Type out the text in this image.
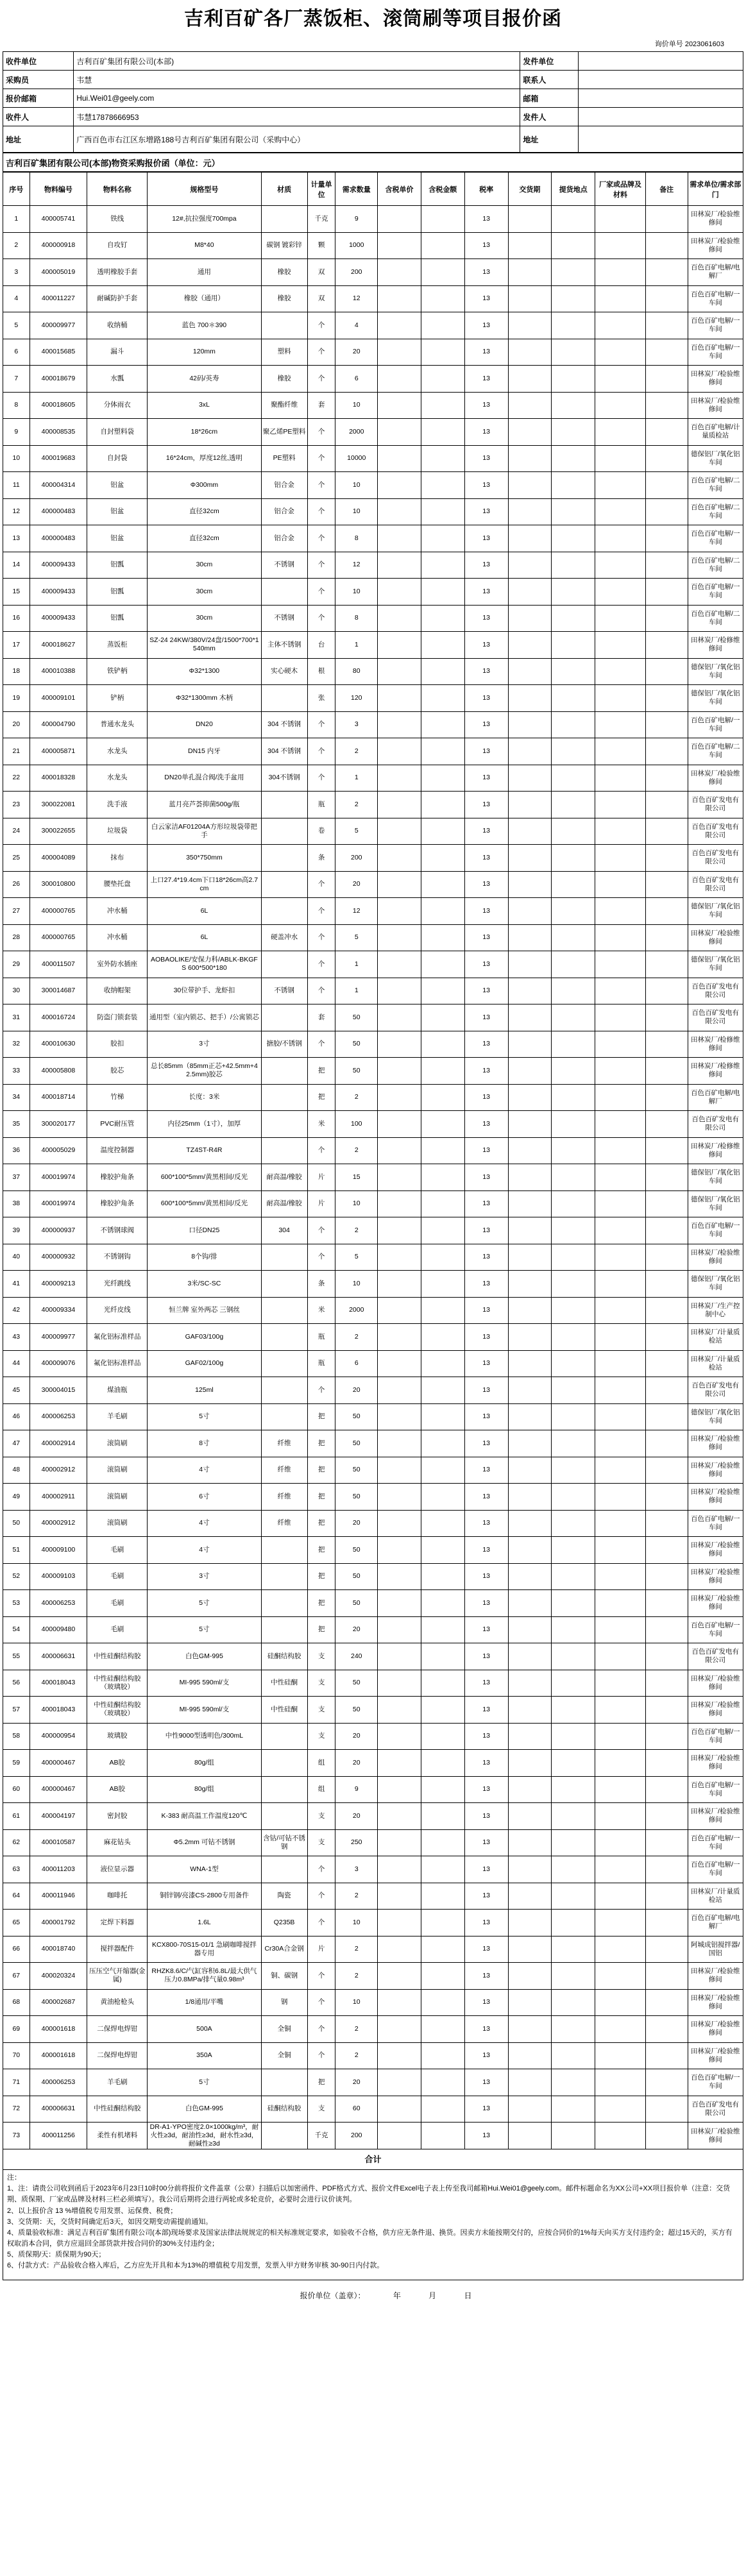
吉利百矿各厂蒸饭柜、滚筒刷等项目报价函
询价单号 2023061603
收件单位	吉利百矿集团有限公司(本部)	发件单位	
采购员	韦慧	联系人	
报价邮箱	Hui.Wei01@geely.com	邮箱	
收件人	韦慧17878666953	发件人	
地址	广西百色市右江区东增路188号吉利百矿集团有限公司（采购中心）	地址	
吉利百矿集团有限公司(本部)物资采购报价函（单位：元）
序号	物料编号	物料名称	规格型号	材质	计量单位	需求数量	含税单价	含税金额	税率	交货期	提货地点	厂家或品牌及材料	备注	需求单位/需求部门
1	400005741	铁线	12#,抗拉强度700mpa		千克	9			13					田林炭厂/检验维修间
2	400000918	自攻钉	M8*40	碳钢 镀彩锌	颗	1000			13					田林炭厂/检验维修间
3	400005019	透明橡胶手套	通用	橡胶	双	200			13					百色百矿电解/电解厂
4	400011227	耐碱防护手套	橡胶（通用）	橡胶	双	12			13					百色百矿电解/一车间
5	400009977	收纳桶	蓝色 700＊390		个	4			13					百色百矿电解/一车间
6	400015685	漏斗	120mm	塑料	个	20			13					百色百矿电解/一车间
7	400018679	水瓢	42码/英寿	橡胶	个	6			13					田林炭厂/检验维修间
8	400018605	分体雨衣	3xL	聚酯纤维	套	10			13					田林炭厂/检验维修间
9	400008535	自封塑料袋	18*26cm	聚乙烯PE塑料	个	2000			13					百色百矿电解/计量质检站
10	400019683	自封袋	16*24cm，厚度12丝,透明	PE塑料	个	10000			13					德保铝厂/氧化铝车间
11	400004314	铝盆	Φ300mm	铝合金	个	10			13					百色百矿电解/二车间
12	400000483	铝盆	直径32cm	铝合金	个	10			13					百色百矿电解/二车间
13	400000483	铝盆	直径32cm	铝合金	个	8			13					百色百矿电解/一车间
14	400009433	铝瓢	30cm	不锈钢	个	12			13					百色百矿电解/二车间
15	400009433	铝瓢	30cm		个	10			13					百色百矿电解/一车间
16	400009433	铝瓢	30cm	不锈钢	个	8			13					百色百矿电解/二车间
17	400018627	蒸饭柜	SZ-24 24KW/380V/24盘/1500*700*1540mm	主体不锈钢	台	1			13					田林炭厂/检修维修间
18	400010388	铁铲柄	Φ32*1300	实心硬木	根	80			13					德保铝厂/氧化铝车间
19	400009101	铲柄	Φ32*1300mm 木柄		张	120			13					德保铝厂/氧化铝车间
20	400004790	普通水龙头	DN20	304 不锈钢	个	3			13					百色百矿电解/一车间
21	400005871	水龙头	DN15 内牙	304 不锈钢	个	2			13					百色百矿电解/二车间
22	400018328	水龙头	DN20单孔混合阀/洗手盆用	304不锈钢	个	1			13					田林炭厂/检验维修间
23	300022081	洗手液	蓝月亮芦荟抑菌500g/瓶		瓶	2			13					百色百矿发电有限公司
24	300022655	垃圾袋	白云家洁AF01204A方形垃圾袋带把手		卷	5			13					百色百矿发电有限公司
25	400004089	抹布	350*750mm		条	200			13					百色百矿发电有限公司
26	300010800	腰垫托盘	上口27.4*19.4cm下口18*26cm高2.7cm		个	20			13					百色百矿发电有限公司
27	400000765	冲水桶	6L		个	12			13					德保铝厂/氧化铝车间
28	400000765	冲水桶	6L	硬盖冲水	个	5			13					田林炭厂/检验维修间
29	400011507	室外防水插座	AOBAOLIKE/安保力科/ABLK-BKGFS 600*500*180		个	1			13					德保铝厂/氧化铝车间
30	300014687	收纳帽架	30位带护手、龙虾扣	不锈钢	个	1			13					百色百矿发电有限公司
31	400016724	防盗门锁套装	通用型（室内锁芯、把手）/公寓锁芯		套	50			13					百色百矿发电有限公司
32	400010630	胶扣	3寸	搪胶/不锈钢	个	50			13					田林炭厂/检修维修间
33	400005808	胶芯	总长85mm（85mm正芯+42.5mm+42.5mm)胶芯		把	50			13					田林炭厂/检修维修间
34	400018714	竹梯	长度：3米		把	2			13					百色百矿电解/电解厂
35	300020177	PVC耐压管	内径25mm（1寸），加厚		米	100			13					百色百矿发电有限公司
36	400005029	温度控制器	TZ4ST-R4R		个	2			13					田林炭厂/检修维修间
37	400019974	橡胶护角条	600*100*5mm/黄黑相间/反光	耐高温/橡胶	片	15			13					德保铝厂/氧化铝车间
38	400019974	橡胶护角条	600*100*5mm/黄黑相间/反光	耐高温/橡胶	片	10			13					德保铝厂/氧化铝车间
39	400000937	不锈钢球阀	口径DN25	304	个	2			13					百色百矿电解/一车间
40	400000932	不锈钢钩	8个钩/排		个	5			13					田林炭厂/检验维修间
41	400009213	光纤跳线	3米/SC-SC		条	10			13					德保铝厂/氧化铝车间
42	400009334	光纤皮线	恒兰牌 室外两芯 三钢丝		米	2000			13					田林炭厂/生产控制中心
43	400009977	氟化铝标准样品	GAF03/100g		瓶	2			13					田林炭厂/计量质检站
44	400009076	氟化铝标准样品	GAF02/100g		瓶	6			13					田林炭厂/计量质检站
45	300004015	煤油瓶	125ml		个	20			13					百色百矿发电有限公司
46	400006253	羊毛刷	5寸		把	50			13					德保铝厂/氧化铝车间
47	400002914	滚筒刷	8寸	纤维	把	50			13					田林炭厂/检验维修间
48	400002912	滚筒刷	4寸	纤维	把	50			13					田林炭厂/检验维修间
49	400002911	滚筒刷	6寸	纤维	把	50			13					田林炭厂/检验维修间
50	400002912	滚筒刷	4寸	纤维	把	20			13					百色百矿电解/一车间
51	400009100	毛刷	4寸		把	50			13					田林炭厂/检验维修间
52	400009103	毛刷	3寸		把	50			13					田林炭厂/检验维修间
53	400006253	毛刷	5寸		把	50			13					田林炭厂/检验维修间
54	400009480	毛刷	5寸		把	20			13					百色百矿电解/一车间
55	400006631	中性硅酮结构胶	白色GM-995	硅酮结构胶	支	240			13					百色百矿发电有限公司
56	400018043	中性硅酮结构胶（玻璃胶）	MI-995 590ml/支	中性硅酮	支	50			13					田林炭厂/检验维修间
57	400018043	中性硅酮结构胶（玻璃胶）	MI-995 590ml/支	中性硅酮	支	50			13					田林炭厂/检验维修间
58	400000954	玻璃胶	中性9000型透明色/300mL		支	20			13					百色百矿电解/一车间
59	400000467	AB胶	80g/组		组	20			13					田林炭厂/检验维修间
60	400000467	AB胶	80g/组		组	9			13					百色百矿电解/一车间
61	400004197	密封胶	K-383 耐高温工作温度120℃		支	20			13					田林炭厂/检验维修间
62	400010587	麻花钻头	Φ5.2mm 可钻不锈钢	含钴/可钻不锈钢	支	250			13					百色百矿电解/一车间
63	400011203	液位显示器	WNA-1型		个	3			13					百色百矿电解/一车间
64	400011946	咖啡托	铜锌钢/亮漆CS-2800专用备件	陶瓷	个	2			13					田林炭厂/计量质检站
65	400001792	定焊下料器	1.6L	Q235B	个	10			13					百色百矿电解/电解厂
66	400018740	搅拌器配件	KCX800-70S15-01/1 急刷咖啡搅拌器专用	Cr30A合金钢	片	2			13					阿城成铝搅拌器/国铝
67	400020324	压压空气开缩器(金属)	RHZK8.6/C/气缸容积6.8L/最大供气压力0.8MPa/排气量0.98m³	铜、碳钢	个	2			13					田林炭厂/检验维修间
68	400002687	黄油枪枪头	1/8通用/平嘴	钢	个	10			13					田林炭厂/检验维修间
69	400001618	二保焊电焊钳	500A	全铜	个	2			13					田林炭厂/检验维修间
70	400001618	二保焊电焊钳	350A	全铜	个	2			13					田林炭厂/检验维修间
71	400006253	羊毛刷	5寸		把	20			13					百色百矿电解/一车间
72	400006631	中性硅酮结构胶	白色GM-995	硅酮结构胶	支	60			13					百色百矿发电有限公司
73	400011256	柔性有机堵料	DR-A1-YPO密度2.0×1000kg/m³，耐火性≥3d，耐油性≥3d，耐水性≥3d，耐碱性≥3d		千克	200			13					田林炭厂/检验维修间
合计														

注：

1、注：请贵公司收到函后于2023年6月23日10时00分前将报价文件盖章（公章）扫描后以加密函件、PDF格式方式、报价文件Excel电子表上传至我司邮箱Hui.Wei01@geely.com。邮件标题命名为XX公司+XX项目报价单（注意：交货期、质保期、厂家或品牌及材料三栏必须填写）。我公司后期将会进行两轮或多轮竞价，必要时会进行议价谈判。

2、以上报价含 13 %增值税专用发票、运保费、税费；

3、交货期：天，交货时间确定后3天，如因交期变动需提前通知。

4、质量验收标准：满足吉利百矿集团有限公司(本部)现场要求及国家法律法规规定的相关标准规定要求，如验收不合格，供方应无条件退、换货。因卖方未能按期交付的，应按合同价的1%每天向买方支付违约金；超过15天的，买方有权取消本合同，供方应退回全部货款并按合同价的30%支付违约金；

5、质保期/天：质保期为90天；

6、付款方式：产品验收合格入库后，乙方应先开具和本为13%的增值税专用发票，发票入甲方财务审核 30-90日内付款。

报价单位（盖章）：	年	月	日
